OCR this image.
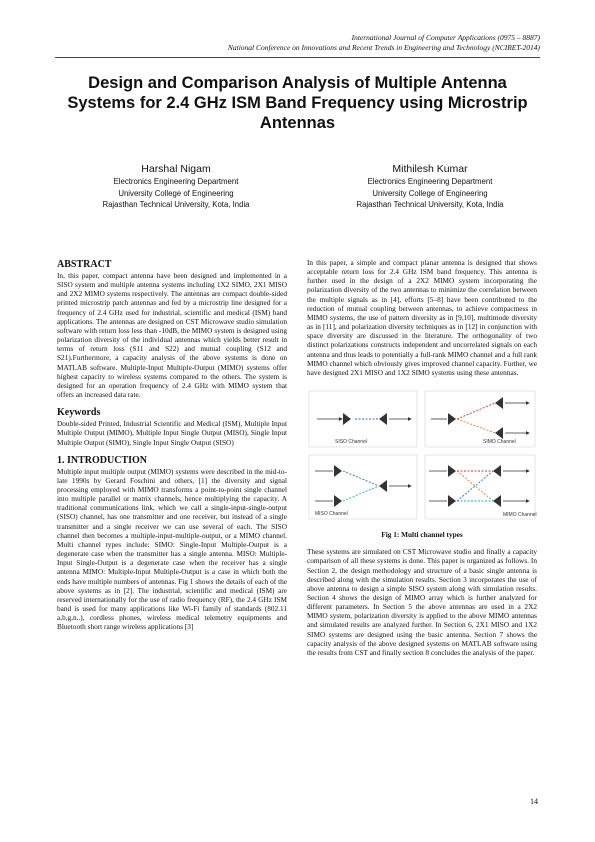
International Journal of Computer Applications (0975 – 8887)
National Conference on Innovations and Recent Trends in Engineering and Technology (NCIRET-2014)
Design and Comparison Analysis of Multiple Antenna Systems for 2.4 GHz ISM Band Frequency using Microstrip Antennas
Harshal Nigam
Electronics Engineering Department
University College of Engineering
Rajasthan Technical University, Kota, India
Mithilesh Kumar
Electronics Engineering Department
University College of Engineering
Rajasthan Technical University, Kota, India
ABSTRACT

In, this paper, compact antenna have been designed and implemented in a SISO system and multiple antenna systems including 1X2 SIMO, 2X1 MISO and 2X2 MIMO systems respectively. The antennas are compact double-sided printed microstrip patch antennas and fed by a microstrip line designed for a frequency of 2.4 GHz used for industrial, scientific and medical (ISM) band applications. The antennas are designed on CST Microwave studio simulation software with return loss less than -10dB, the MIMO system is designed using polarization diversity of the individual antennas which yields better result in terms of return loss (S11 and S22) and mutual coupling (S12 and S21).Furthermore, a capacity analysis of the above systems is done on MATLAB software. Multiple-Input Multiple-Output (MIMO) systems offer highest capacity to wireless systems compared to the others. The system is designed for an operation frequency of 2.4 GHz with MIMO system that offers an increased data rate.

Keywords

Double-sided Printed, Industrial Scientific and Medical (ISM), Multiple Input Multiple Output (MIMO), Multiple Input Single Output (MISO), Single Input Multiple Output (SIMO), Single Input Single Output (SISO)

1. INTRODUCTION

Multiple input multiple output (MIMO) systems were described in the mid-to-late 1990s by Gerard Foschini and others, [1] the diversity and signal processing employed with MIMO transforms a point-to-point single channel into multiple parallel or matrix channels, hence multiplying the capacity. A traditional communications link, which we call a single-input-single-output (SISO) channel, has one transmitter and one receiver, but instead of a single transmitter and a single receiver we can use several of each. The SISO channel then becomes a multiple-input-multiple-output, or a MIMO channel. Multi channel types include: SIMO: Single-Input Multiple-Output is a degenerate case when the transmitter has a single antenna. MISO: Multiple-Input Single-Output is a degenerate case when the receiver has a single antenna MIMO: Multiple-Input Multiple-Output is a case in which both the ends have multiple numbers of antennas. Fig 1 shows the details of each of the above systems as in [2]. The industrial, scientific and medical (ISM) are reserved internationally for the use of radio frequency (RF), the 2.4 GHz ISM band is used for many applications like Wi-Fi family of standards (802.11 a,b,g,n..), cordless phones, wireless medical telemetry equipments and Bluetooth short range wireless applications [3]

In this paper, a simple and compact planar antenna is designed that shows acceptable return loss for 2.4 GHz ISM band frequency. This antenna is further used in the design of a 2X2 MIMO system incorporating the polarization diversity of the two antennas to minimize the correlation between the multiple signals as in [4], efforts [5–8] have been contributed to the reduction of mutual coupling between antennas, to achieve compactness in MIMO systems, the use of pattern diversity as in [9,10], multimode diversity as in [11], and polarization diversity techniques as in [12] in conjunction with space diversity are discussed in the literature. The orthogonality of two distinct polarizations constructs independent and uncorrelated signals on each antenna and thus leads to potentially a full-rank MIMO channel and a full rank MIMO channel which obviously gives improved channel capacity. Further, we have designed 2X1 MISO and 1X2 SIMO systems using these antennas.

SISO Channel	SIMO Channel
MISO Channel	MIMO Channel
Fig 1: Multi channel types

These systems are simulated on CST Microwave studio and finally a capacity comparison of all these systems is done. This paper is organized as follows. In Section 2, the design methodology and structure of a basic single antenna is described along with the simulation results. Section 3 incorporates the use of above antenna to design a simple SISO system along with simulation results. Section 4 shows the design of MIMO array which is further analyzed for different parameters. In Section 5 the above antennas are used in a 2X2 MIMO system, polarization diversity is applied to the above MIMO antennas and simulated results are analyzed further. In Section 6, 2X1 MISO and 1X2 SIMO systems are designed using the basic antenna. Section 7 shows the capacity analysis of the above designed systems on MATLAB software using the results from CST and finally section 8 concludes the analysis of the paper.

14
